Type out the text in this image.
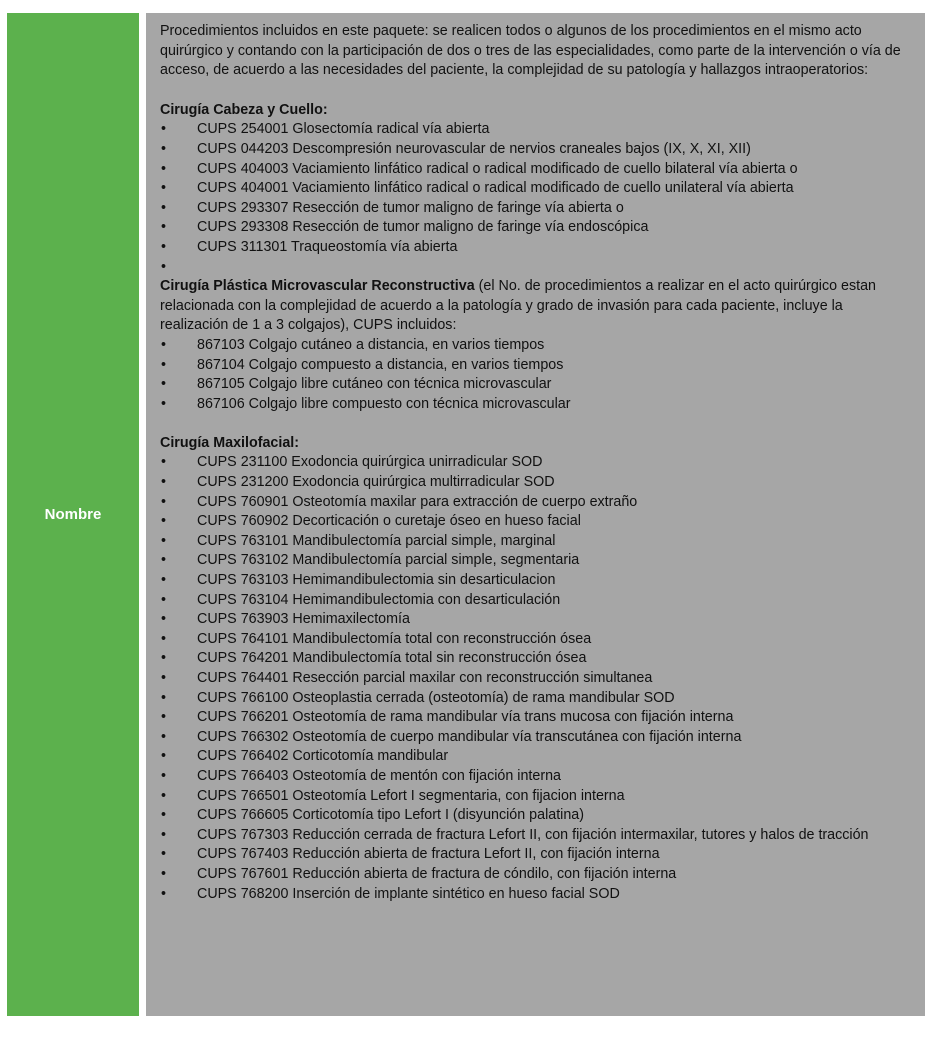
Nombre

Procedimientos incluidos en este paquete: se realicen todos o algunos de los procedimientos en el mismo acto quirúrgico y contando con la participación de dos o tres de las especialidades, como parte de la intervención o vía de acceso, de acuerdo a las necesidades del paciente, la complejidad de su patología y hallazgos intraoperatorios:

Cirugía Cabeza y Cuello:
• CUPS 254001 Glosectomía radical vía abierta
• CUPS 044203 Descompresión neurovascular de nervios craneales bajos (IX, X, XI, XII)
• CUPS 404003 Vaciamiento linfático radical o radical modificado de cuello bilateral vía abierta o
• CUPS 404001 Vaciamiento linfático radical o radical modificado de cuello unilateral vía abierta
• CUPS 293307 Resección de tumor maligno de faringe vía abierta o
• CUPS 293308 Resección de tumor maligno de faringe vía endoscópica
• CUPS 311301 Traqueostomía vía abierta
•
Cirugía Plástica Microvascular Reconstructiva (el No. de procedimientos a realizar en el acto quirúrgico estan relacionada con la complejidad de acuerdo a la patología y grado de invasión para cada paciente, incluye la realización de 1 a 3 colgajos), CUPS incluidos:
• 867103 Colgajo cutáneo a distancia, en varios tiempos
• 867104 Colgajo compuesto a distancia, en varios tiempos
• 867105 Colgajo libre cutáneo con técnica microvascular
• 867106 Colgajo libre compuesto con técnica microvascular
Cirugía Maxilofacial:
• CUPS 231100 Exodoncia quirúrgica unirradicular SOD
• CUPS 231200 Exodoncia quirúrgica multirradicular SOD
• CUPS 760901 Osteotomía maxilar para extracción de cuerpo extraño
• CUPS 760902 Decorticación o curetaje óseo en hueso facial
• CUPS 763101 Mandibulectomía parcial simple, marginal
• CUPS 763102 Mandibulectomía parcial simple, segmentaria
• CUPS 763103 Hemimandibulectomia sin desarticulacion
• CUPS 763104 Hemimandibulectomia con desarticulación
• CUPS 763903 Hemimaxilectomía
• CUPS 764101 Mandibulectomía total con reconstrucción ósea
• CUPS 764201 Mandibulectomía total sin reconstrucción ósea
• CUPS 764401 Resección parcial maxilar con reconstrucción simultanea
• CUPS 766100 Osteoplastia cerrada (osteotomía) de rama mandibular SOD
• CUPS 766201 Osteotomía de rama mandibular vía trans mucosa con fijación interna
• CUPS 766302 Osteotomía de cuerpo mandibular vía transcutánea con fijación interna
• CUPS 766402 Corticotomía mandibular
• CUPS 766403 Osteotomía de mentón con fijación interna
• CUPS 766501 Osteotomía Lefort I segmentaria, con fijacion interna
• CUPS 766605 Corticotomía tipo Lefort I (disyunción palatina)
• CUPS 767303 Reducción cerrada de fractura Lefort II, con fijación intermaxilar, tutores y halos de tracción
• CUPS 767403 Reducción abierta de fractura Lefort II, con fijación interna
• CUPS 767601 Reducción abierta de fractura de cóndilo, con fijación interna
• CUPS 768200 Inserción de implante sintético en hueso facial SOD
